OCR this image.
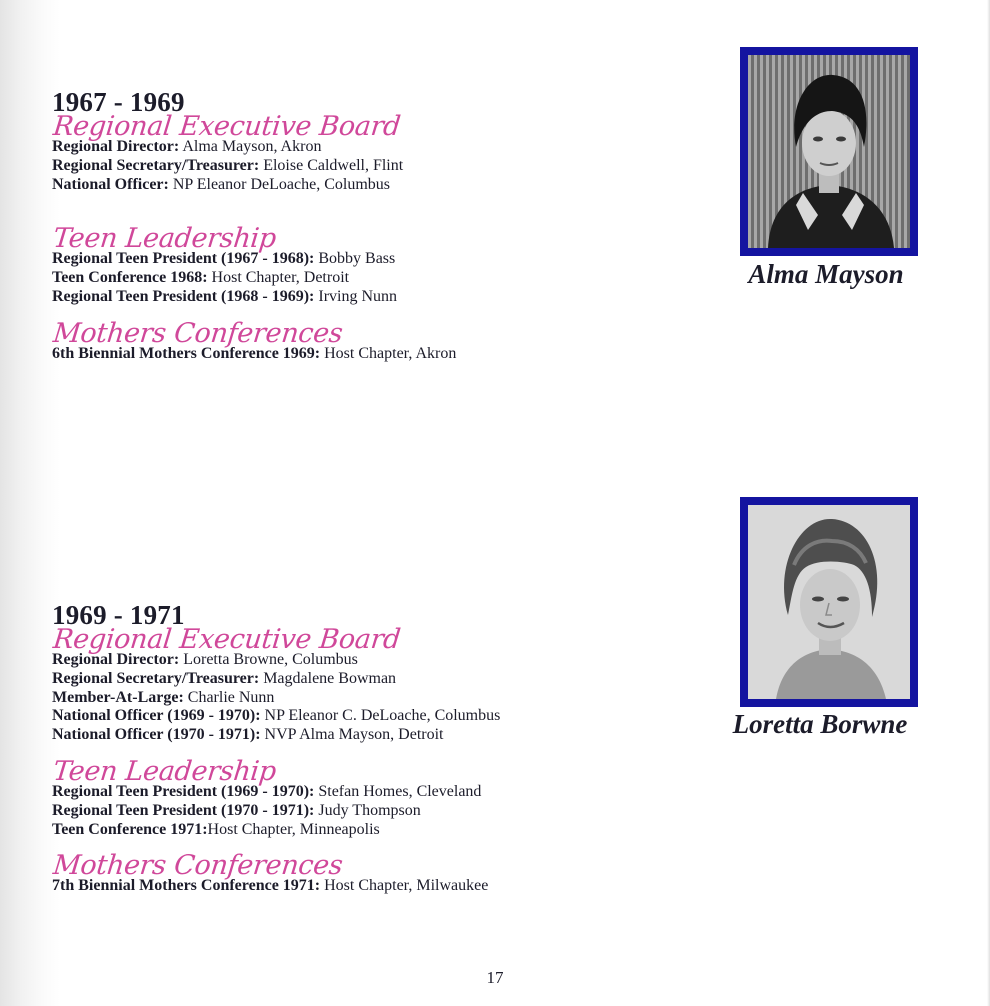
1967 - 1969
Regional Executive Board
Regional Director: Alma Mayson, Akron
Regional Secretary/Treasurer: Eloise Caldwell, Flint
National Officer: NP Eleanor DeLoache, Columbus
Teen Leadership
Regional Teen President (1967 - 1968): Bobby Bass
Teen Conference 1968: Host Chapter, Detroit
Regional Teen President (1968 - 1969): Irving Nunn
Mothers Conferences
6th Biennial Mothers Conference 1969: Host Chapter, Akron
Alma Mayson
1969 - 1971
Regional Executive Board
Regional Director: Loretta Browne, Columbus
Regional Secretary/Treasurer: Magdalene Bowman
Member-At-Large: Charlie Nunn
National Officer (1969 - 1970): NP Eleanor C. DeLoache, Columbus
National Officer (1970 - 1971): NVP Alma Mayson, Detroit
Teen Leadership
Regional Teen President (1969 - 1970): Stefan Homes, Cleveland
Regional Teen President (1970 - 1971): Judy Thompson
Teen Conference 1971:Host Chapter, Minneapolis
Mothers Conferences
7th Biennial Mothers Conference 1971: Host Chapter, Milwaukee
Loretta Borwne
17
